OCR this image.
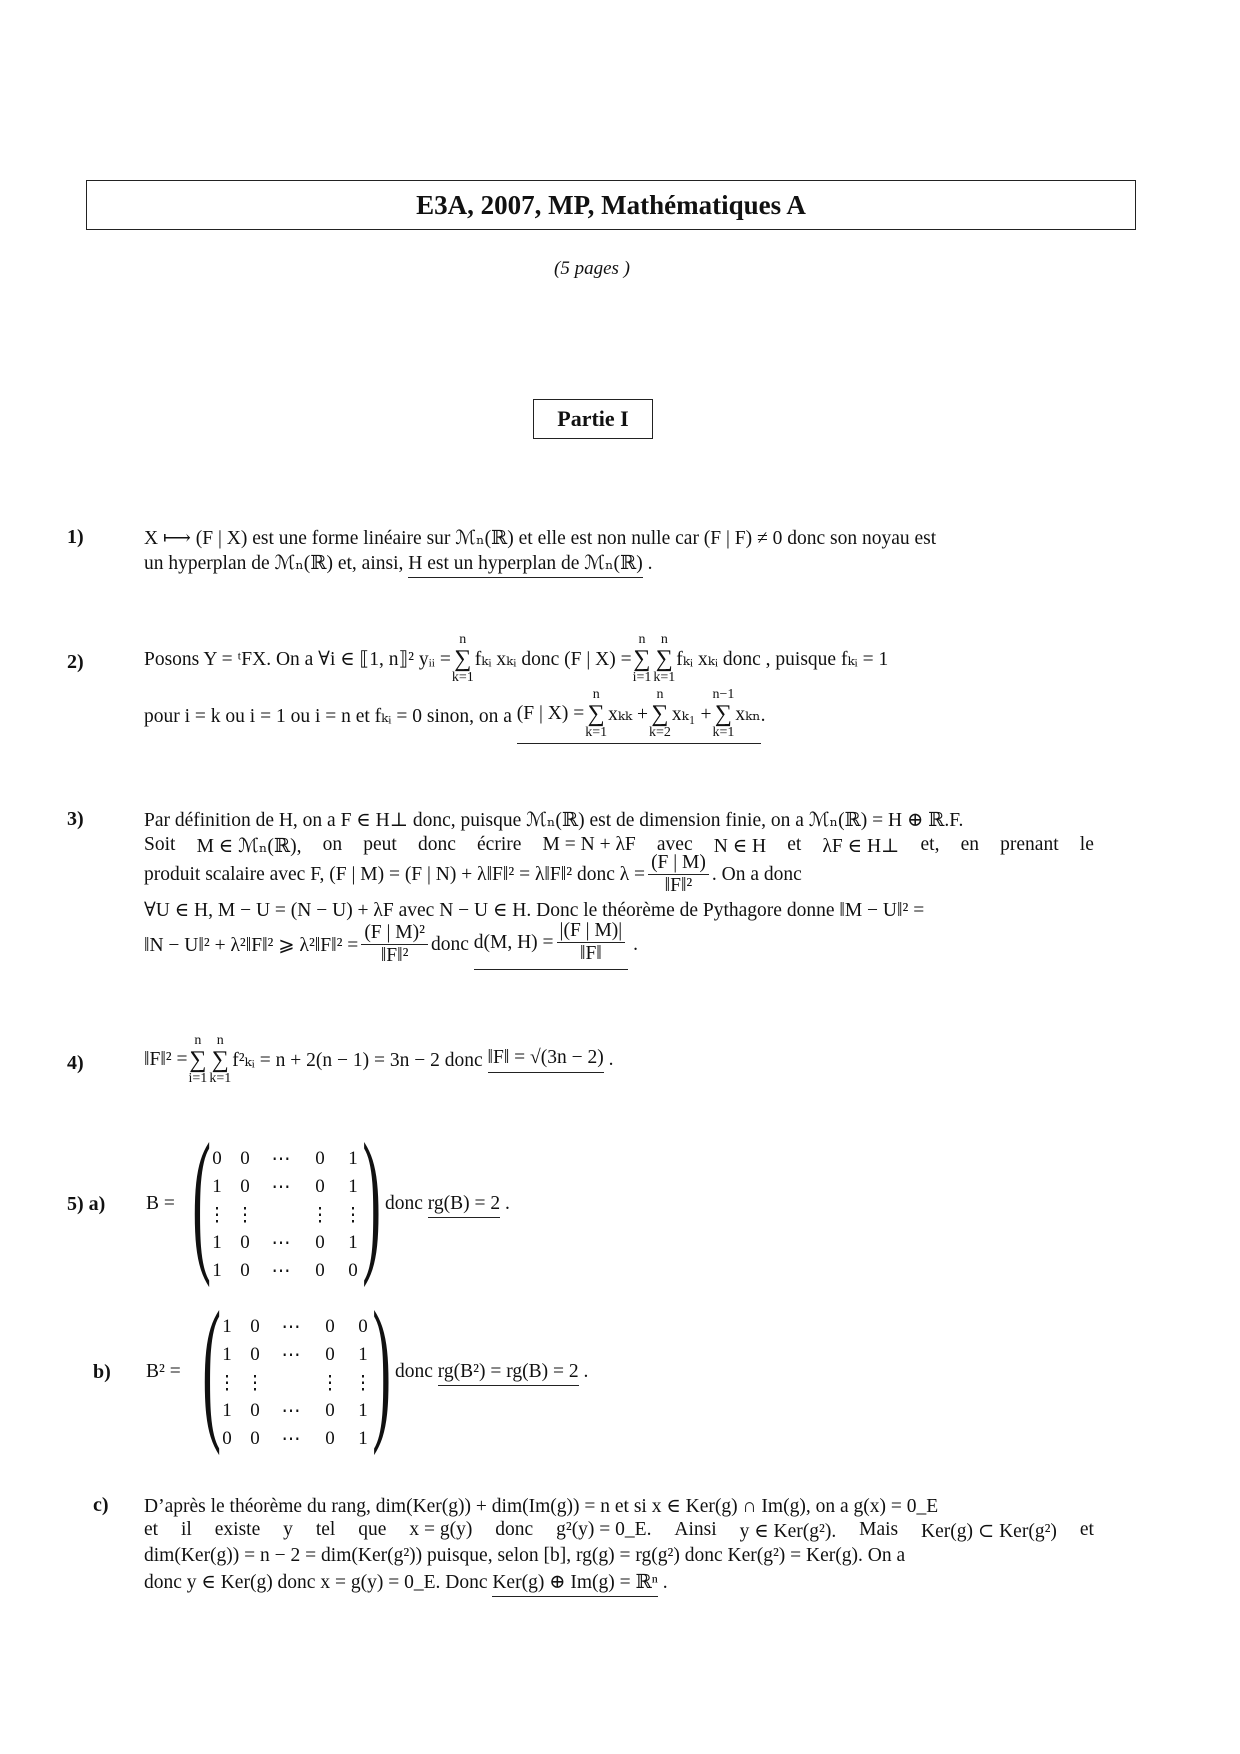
E3A, 2007, MP, Mathématiques A
(5 pages )
Partie I
1)	X ⟼ (F | X) est une forme linéaire sur ℳₙ(ℝ) et elle est non nulle car (F | F) ≠ 0 donc son noyau est
un hyperplan de ℳₙ(ℝ) et, ainsi, H est un hyperplan de ℳₙ(ℝ) .
2)	Posons Y = ᵗFX. On a ∀i ∈ ⟦1, n⟧² yᵢᵢ =
n
∑
k=1
fₖᵢ xₖᵢ donc (F | X) =
n
∑
i=1
n
∑
k=1
fₖᵢ xₖᵢ donc , puisque fₖᵢ = 1
pour i = k ou i = 1 ou i = n et fₖᵢ = 0 sinon, on a
(F | X) =
n
∑
k=1
xₖₖ +
n
∑
k=2
xₖ₁ +
n−1
∑
k=1
xₖₙ .
3)	Par définition de H, on a F ∈ H⊥ donc, puisque ℳₙ(ℝ) est de dimension finie, on a ℳₙ(ℝ) = H ⊕ ℝ.F.
Soit M ∈ ℳₙ(ℝ), on peut donc écrire M = N + λF avec N ∈ H et λF ∈ H⊥ et, en prenant le
produit scalaire avec F, (F | M) = (F | N) + λ‖F‖² = λ‖F‖² donc $\lambda = \frac{(F | M)}{\text{‖F‖²}}$ . On a donc
∀U ∈ H, M − U = (N − U) + λF avec N − U ∈ H. Donc le théorème de Pythagore donne ‖M − U‖² =
‖N − U‖² + λ²‖F‖² ⩾ λ²‖F‖² = $\frac{\text{(F | M)²}}{\text{‖F‖²}}$ donc
d(M, $H) = \frac{|(F | M)|}{‖F‖}$
.
4)	‖F‖² =
n
∑
i=1
n
∑
k=1
f²ₖᵢ = n + 2(n − 1) = 3n − 2 donc
‖F‖ = √(3n − 2)
.
5) a) B = ( 0 0	⋯	0	1
1 0	⋯	0	1
⋮ ⋮	⋮ ⋮
1 0	⋯	0	1
1 0	⋯	0	0 ) donc rg(B) = 2 .
b) B² = ( 1 0	⋯	0	0
1 0	⋯	0	1
⋮ ⋮	⋮ ⋮
1 0	⋯	0	1
0 0	⋯	0	1 ) donc rg(B²) = rg(B) = 2 .
c) D’après le théorème du rang, dim(Ker(g)) + dim(Im(g)) = n et si x ∈ Ker(g) ∩ Im(g), on a g(x) = 0_E
et il existe y tel que x = g(y) donc g²(y) = 0_E. Ainsi y ∈ Ker(g²). Mais Ker(g) ⊂ Ker(g²) et
dim(Ker(g)) = n − 2 = dim(Ker(g²)) puisque, selon [b], rg(g) = rg(g²) donc Ker(g²) = Ker(g). On a
donc y ∈ Ker(g) donc x = g(y) = 0_E. Donc Ker(g) ⊕ Im(g) = ℝⁿ .
